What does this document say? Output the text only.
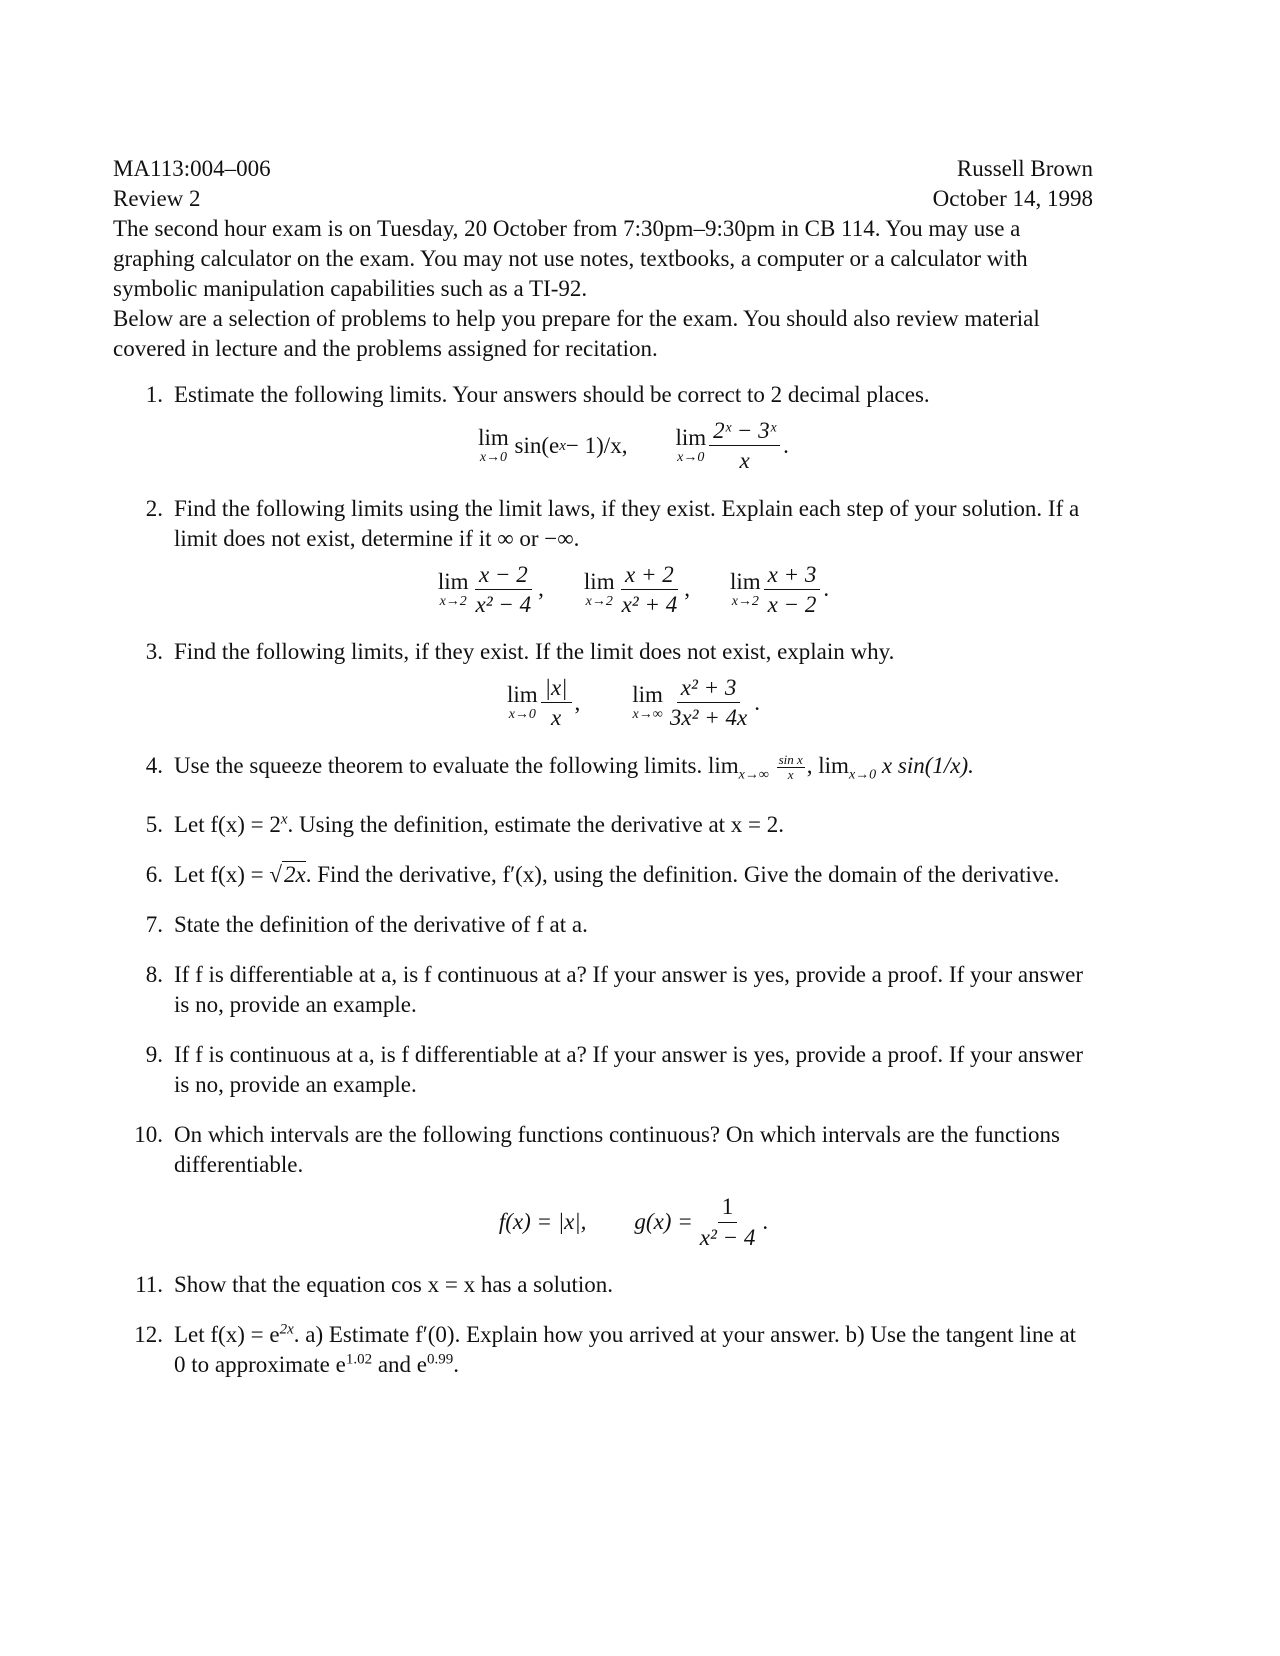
MA113:004–006	Russell Brown
Review 2	October 14, 1998

The second hour exam is on Tuesday, 20 October from 7:30pm–9:30pm in CB 114. You may use a graphing calculator on the exam. You may not use notes, textbooks, a computer or a calculator with symbolic manipulation capabilities such as a TI-92.

Below are a selection of problems to help you prepare for the exam. You should also review material covered in lecture and the problems assigned for recitation.

1. Estimate the following limits. Your answers should be correct to 2 decimal places.
lim
x→0
sin(e x − 1)/x, lim
$x\to 0 \frac{\text{2ˣ − 3ˣ}}{x}$ .
2. Find the following limits using the limit laws, if they exist. Explain each step of your solution. If a limit does not exist, determine if it ∞ or −∞.
lim
$x\to 2 \frac{x - 2}{\text{x² − 4}}$ , lim
$x\to 2 \frac{x + 2}{\text{x² + 4}}$ , lim
$x\to 2 \frac{x + 3}{x - 2}$ .
3. Find the following limits, if they exist. If the limit does not exist, explain why.
lim
$x\to 0 \frac{|x|}{x}$ , lim
$x\to\infty \frac{\text{x² + 3}}{\text{3x² + 4x}}$ .
4. Use the squeeze theorem to evaluate the following limits. $\lim_{x\to\infty} \frac{\text{sin x}}{x}$ , $\lim_{x\to 0} x$ sin(1/x).
5. Let $f(x) = 2^x$. Using the definition, estimate the derivative at x = 2.
6. Let f(x) = √2x. Find the derivative, f′(x), using the definition. Give the domain of the derivative.
7. State the definition of the derivative of f at a.
8. If f is differentiable at a, is f continuous at a? If your answer is yes, provide a proof. If your answer is no, provide an example.
9. If f is continuous at a, is f differentiable at a? If your answer is yes, provide a proof. If your answer is no, provide an example.
10. On which intervals are the following functions continuous? On which intervals are the functions differentiable.
f(x) = |x|, $g(x) = \frac{1}{\text{x² − 4}}$ .
11. Show that the equation cos x = x has a solution.
12. Let $f(x) = e^{2x}$. a) Estimate f′(0). Explain how you arrived at your answer. b) Use the tangent line at 0 to approximate $e^{1.02}$ and $e^{0.99}$.
